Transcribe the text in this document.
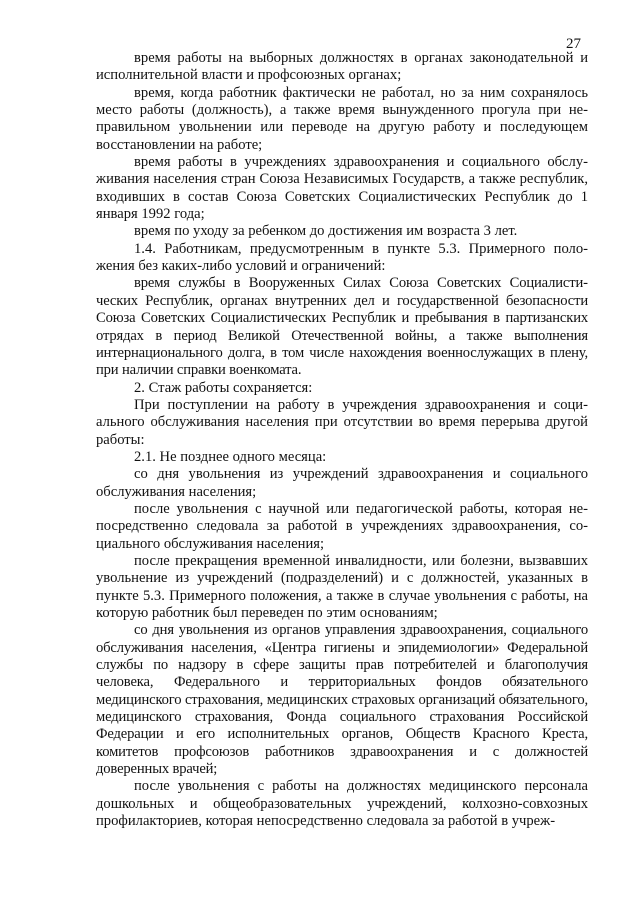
27

время работы на выборных должностях в органах законодательной и исполнительной власти и профсоюзных органах;

время, когда работник фактически не работал, но за ним сохранялось место работы (должность), а также время вынужденного прогула при неправильном увольнении или переводе на другую работу и последующем восстановлении на работе;

время работы в учреждениях здравоохранения и социального обслуживания населения стран Союза Независимых Государств, а также республик, входивших в состав Союза Советских Социалистических Республик до 1 января 1992 года;

время по уходу за ребенком до достижения им возраста 3 лет.

1.4. Работникам, предусмотренным в пункте 5.3. Примерного положения без каких-либо условий и ограничений:

время службы в Вооруженных Силах Союза Советских Социалистических Республик, органах внутренних дел и государственной безопасности Союза Советских Социалистических Республик и пребывания в партизанских отрядах в период Великой Отечественной войны, а также выполнения интернационального долга, в том числе нахождения военнослужащих в плену, при наличии справки военкомата.

2. Стаж работы сохраняется:

При поступлении на работу в учреждения здравоохранения и социального обслуживания населения при отсутствии во время перерыва другой работы:

2.1. Не позднее одного месяца:

со дня увольнения из учреждений здравоохранения и социального обслуживания населения;

после увольнения с научной или педагогической работы, которая непосредственно следовала за работой в учреждениях здравоохранения, социального обслуживания населения;

после прекращения временной инвалидности, или болезни, вызвавших увольнение из учреждений (подразделений) и с должностей, указанных в пункте 5.3. Примерного положения, а также в случае увольнения с работы, на которую работник был переведен по этим основаниям;

со дня увольнения из органов управления здравоохранения, социального обслуживания населения, «Центра гигиены и эпидемиологии» Федеральной службы по надзору в сфере защиты прав потребителей и благополучия человека, Федерального и территориальных фондов обязательного медицинского страхования, медицинских страховых организаций обязательного, медицинского страхования, Фонда социального страхования Российской Федерации и его исполнительных органов, Обществ Красного Креста, комитетов профсоюзов работников здравоохранения и с должностей доверенных врачей;

после увольнения с работы на должностях медицинского персонала дошкольных и общеобразовательных учреждений, колхозно-совхозных профилакториев, которая непосредственно следовала за работой в учреж-
